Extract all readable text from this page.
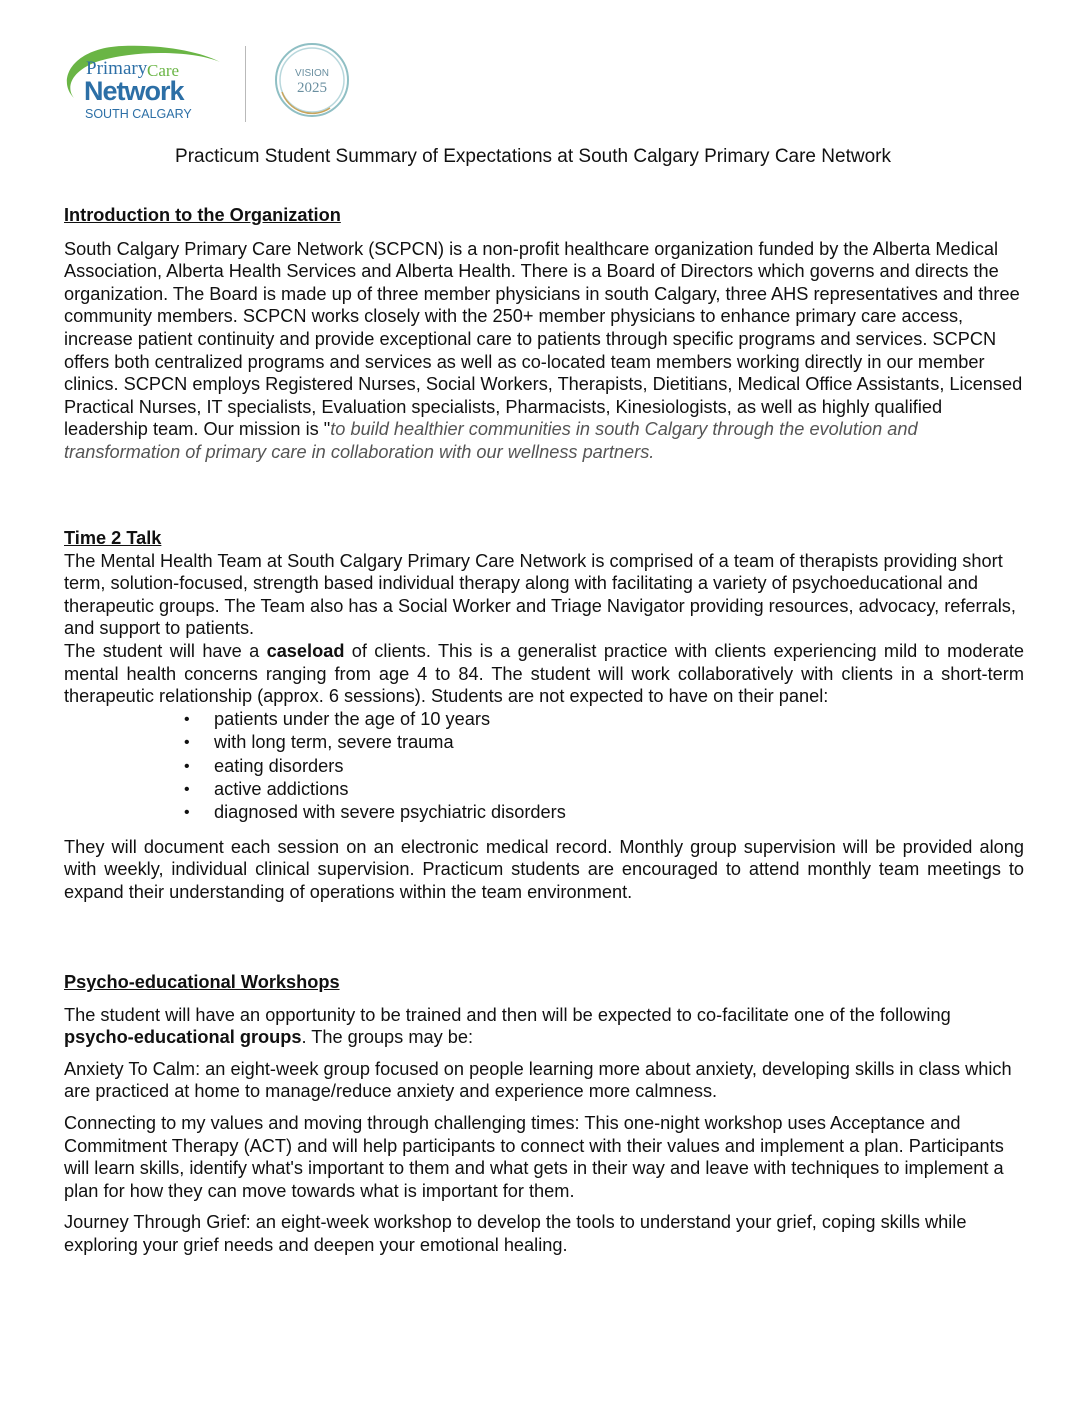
Primary Care
Network
SOUTH CALGARY
VISION
2025
Practicum Student Summary of Expectations at South Calgary Primary Care Network
Introduction to the Organization

South Calgary Primary Care Network (SCPCN) is a non-profit healthcare organization funded by the Alberta Medical Association, Alberta Health Services and Alberta Health. There is a Board of Directors which governs and directs the organization. The Board is made up of three member physicians in south Calgary, three AHS representatives and three community members. SCPCN works closely with the 250+ member physicians to enhance primary care access, increase patient continuity and provide exceptional care to patients through specific programs and services. SCPCN offers both centralized programs and services as well as co-located team members working directly in our member clinics. SCPCN employs Registered Nurses, Social Workers, Therapists, Dietitians, Medical Office Assistants, Licensed Practical Nurses, IT specialists, Evaluation specialists, Pharmacists, Kinesiologists, as well as highly qualified leadership team. Our mission is "to build healthier communities in south Calgary through the evolution and transformation of primary care in collaboration with our wellness partners.

Time 2 Talk

The Mental Health Team at South Calgary Primary Care Network is comprised of a team of therapists providing short term, solution-focused, strength based individual therapy along with facilitating a variety of psychoeducational and therapeutic groups. The Team also has a Social Worker and Triage Navigator providing resources, advocacy, referrals, and support to patients.

The student will have a caseload of clients. This is a generalist practice with clients experiencing mild to moderate mental health concerns ranging from age 4 to 84. The student will work collaboratively with clients in a short-term therapeutic relationship (approx. 6 sessions). Students are not expected to have on their panel:

• patients under the age of 10 years
• with long term, severe trauma
• eating disorders
• active addictions
• diagnosed with severe psychiatric disorders

They will document each session on an electronic medical record. Monthly group supervision will be provided along with weekly, individual clinical supervision. Practicum students are encouraged to attend monthly team meetings to expand their understanding of operations within the team environment.

Psycho-educational Workshops

The student will have an opportunity to be trained and then will be expected to co-facilitate one of the following psycho-educational groups. The groups may be:

Anxiety To Calm: an eight-week group focused on people learning more about anxiety, developing skills in class which are practiced at home to manage/reduce anxiety and experience more calmness.

Connecting to my values and moving through challenging times: This one-night workshop uses Acceptance and Commitment Therapy (ACT) and will help participants to connect with their values and implement a plan. Participants will learn skills, identify what's important to them and what gets in their way and leave with techniques to implement a plan for how they can move towards what is important for them.

Journey Through Grief: an eight-week workshop to develop the tools to understand your grief, coping skills while exploring your grief needs and deepen your emotional healing.
